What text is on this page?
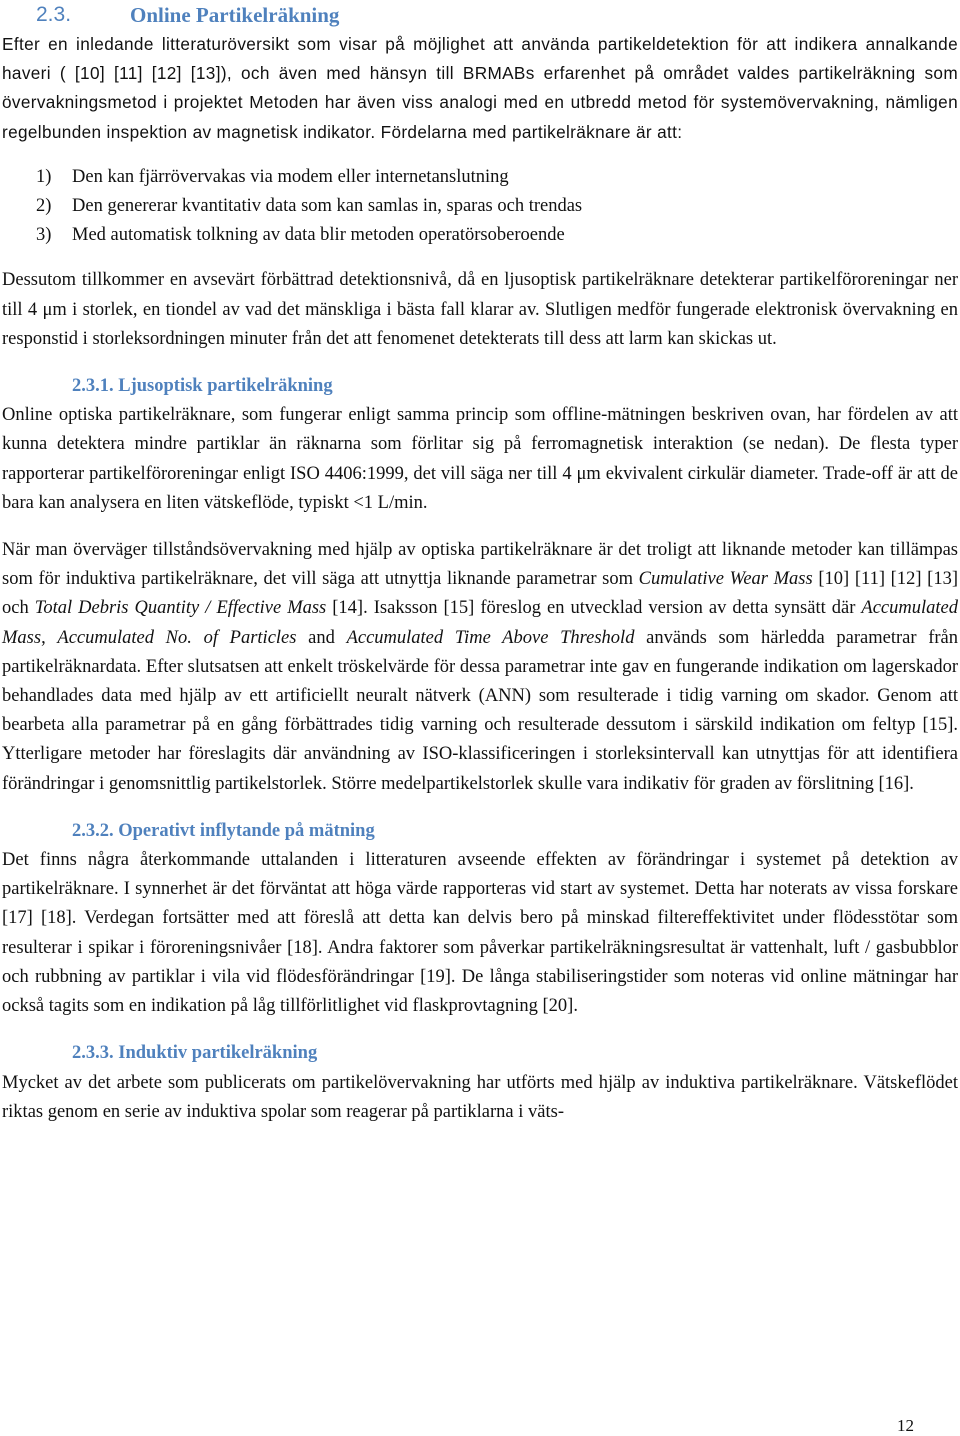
2.3.	Online Partikelräkning

Efter en inledande litteraturöversikt som visar på möjlighet att använda partikeldetektion för att indikera annalkande haveri ( [10] [11] [12] [13]), och även med hänsyn till BRMABs erfarenhet på området valdes partikelräkning som övervakningsmetod i projektet Metoden har även viss analogi med en utbredd metod för systemövervakning, nämligen regelbunden inspektion av magnetisk indikator. Fördelarna med partikelräknare är att:

1) Den kan fjärrövervakas via modem eller internetanslutning
2) Den genererar kvantitativ data som kan samlas in, sparas och trendas
3) Med automatisk tolkning av data blir metoden operatörsoberoende

Dessutom tillkommer en avsevärt förbättrad detektionsnivå, då en ljusoptisk partikelräknare detekterar partikelföroreningar ner till 4 μm i storlek, en tiondel av vad det mänskliga i bästa fall klarar av. Slutligen medför fungerade elektronisk övervakning en responstid i storleksordningen minuter från det att fenomenet detekterats till dess att larm kan skickas ut.

2.3.1. Ljusoptisk partikelräkning

Online optiska partikelräknare, som fungerar enligt samma princip som offline-mätningen beskriven ovan, har fördelen av att kunna detektera mindre partiklar än räknarna som förlitar sig på ferromagnetisk interaktion (se nedan). De flesta typer rapporterar partikelföroreningar enligt ISO 4406:1999, det vill säga ner till 4 μm ekvivalent cirkulär diameter. Trade-off är att de bara kan analysera en liten vätskeflöde, typiskt <1 L/min.

När man överväger tillståndsövervakning med hjälp av optiska partikelräknare är det troligt att liknande metoder kan tillämpas som för induktiva partikelräknare, det vill säga att utnyttja liknande parametrar som Cumulative Wear Mass [10] [11] [12] [13] och Total Debris Quantity / Effective Mass [14]. Isaksson [15] föreslog en utvecklad version av detta synsätt där Accumulated Mass, Accumulated No. of Particles and Accumulated Time Above Threshold används som härledda parametrar från partikelräknardata. Efter slutsatsen att enkelt tröskelvärde för dessa parametrar inte gav en fungerande indikation om lagerskador behandlades data med hjälp av ett artificiellt neuralt nätverk (ANN) som resulterade i tidig varning om skador. Genom att bearbeta alla parametrar på en gång förbättrades tidig varning och resulterade dessutom i särskild indikation om feltyp [15]. Ytterligare metoder har föreslagits där användning av ISO-klassificeringen i storleksintervall kan utnyttjas för att identifiera förändringar i genomsnittlig partikelstorlek. Större medelpartikelstorlek skulle vara indikativ för graden av förslitning [16].

2.3.2. Operativt inflytande på mätning

Det finns några återkommande uttalanden i litteraturen avseende effekten av förändringar i systemet på detektion av partikelräknare. I synnerhet är det förväntat att höga värde rapporteras vid start av systemet. Detta har noterats av vissa forskare [17] [18]. Verdegan fortsätter med att föreslå att detta kan delvis bero på minskad filtereffektivitet under flödesstötar som resulterar i spikar i föroreningsnivåer [18]. Andra faktorer som påverkar partikelräkningsresultat är vattenhalt, luft / gasbubblor och rubbning av partiklar i vila vid flödesförändringar [19]. De långa stabiliseringstider som noteras vid online mätningar har också tagits som en indikation på låg tillförlitlighet vid flaskprovtagning [20].

2.3.3. Induktiv partikelräkning

Mycket av det arbete som publicerats om partikelövervakning har utförts med hjälp av induktiva partikelräknare. Vätskeflödet riktas genom en serie av induktiva spolar som reagerar på partiklarna i väts-

12
